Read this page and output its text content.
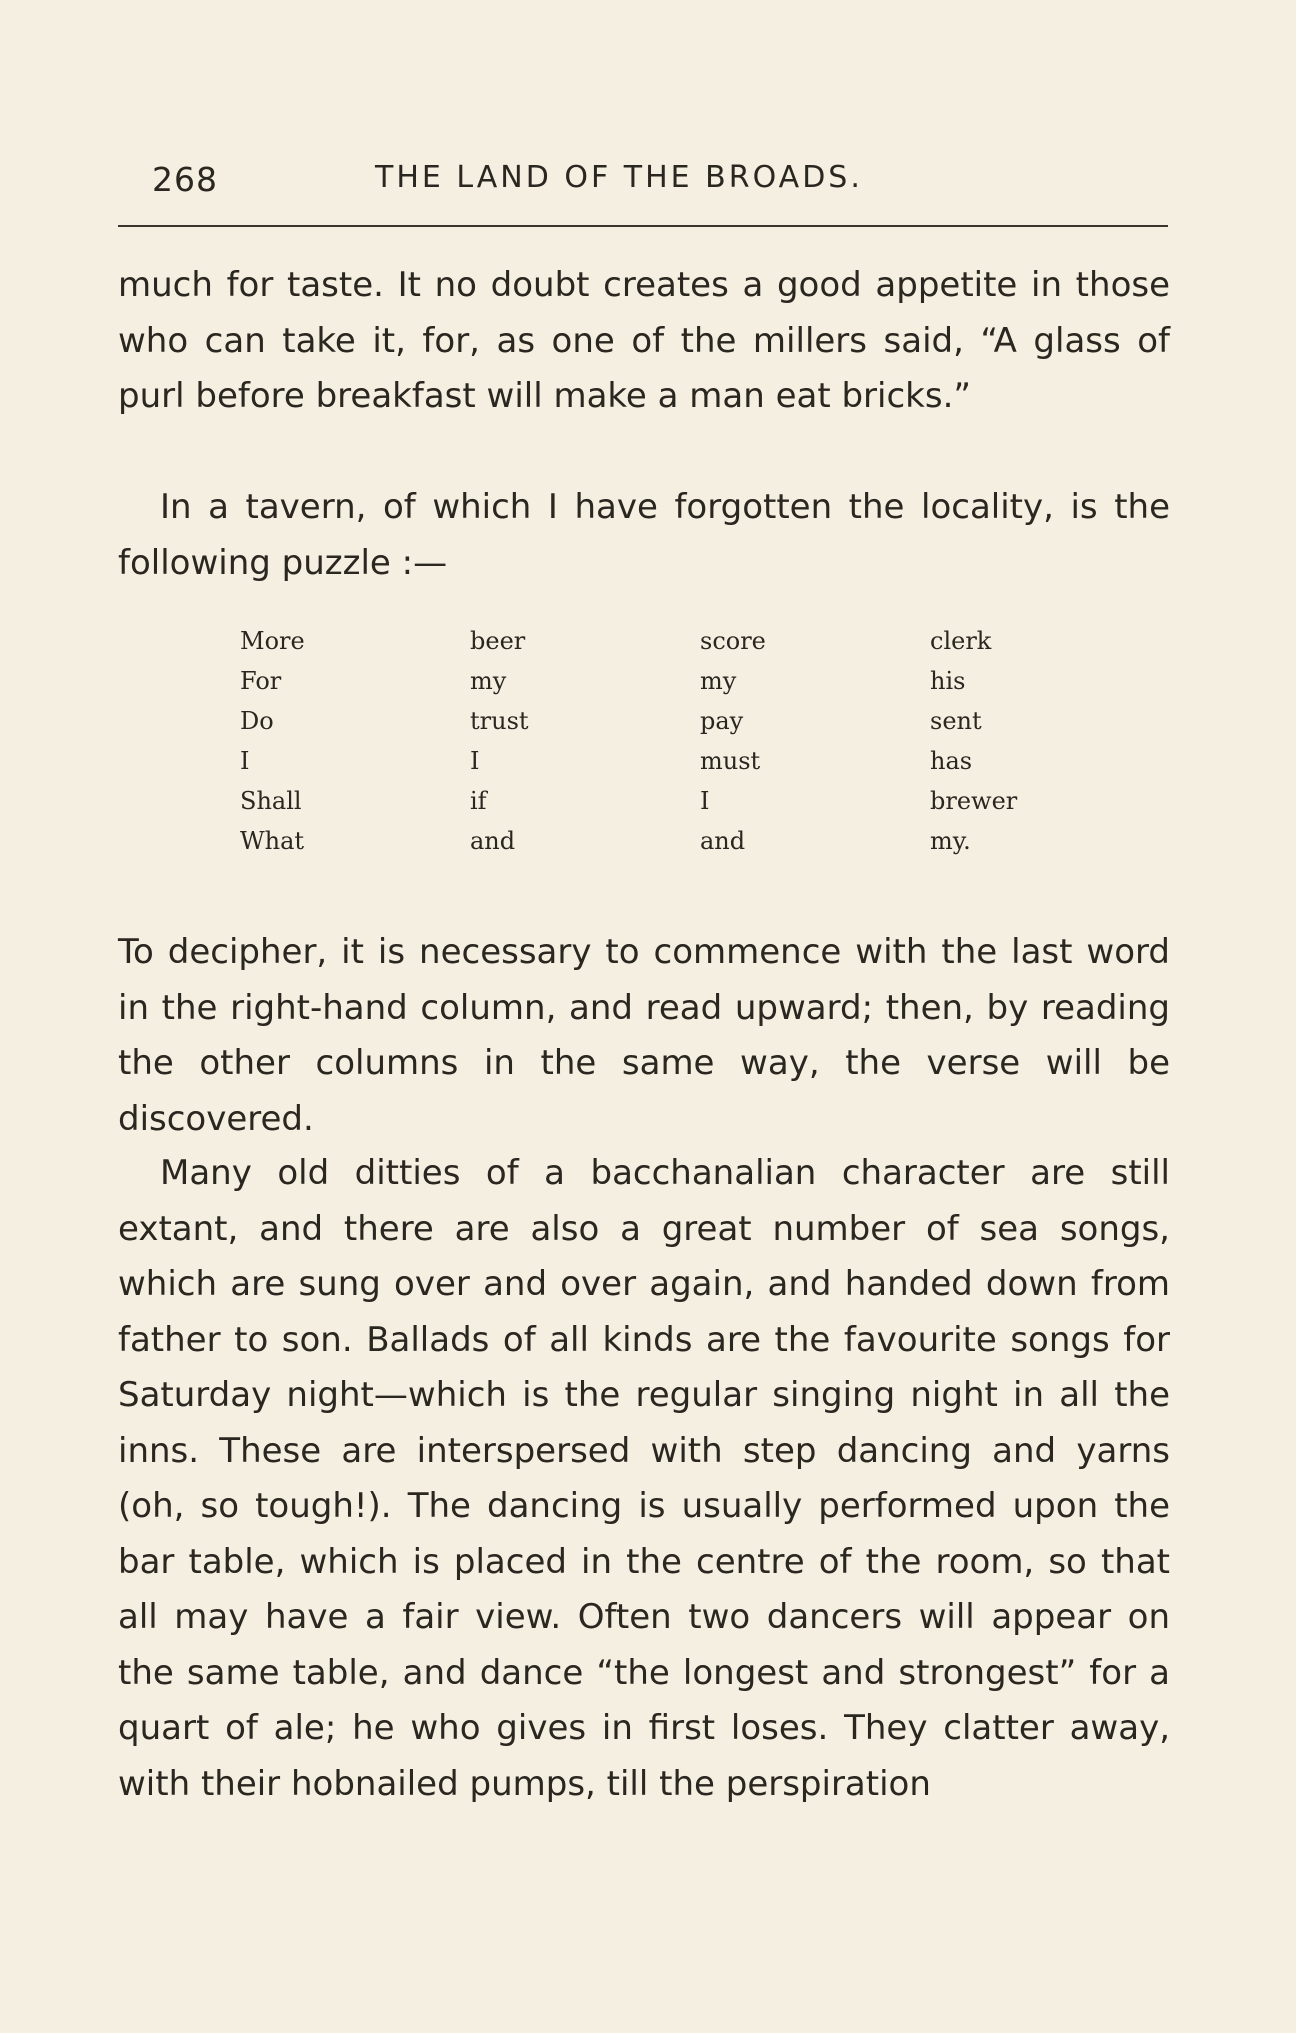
268	THE LAND OF THE BROADS.

much for taste. It no doubt creates a good appetite in those who can take it, for, as one of the millers said, “A glass of purl before breakfast will make a man eat bricks.”

In a tavern, of which I have forgotten the locality, is the following puzzle :—

More	beer	score	clerk
For	my	my	his
Do	trust	pay	sent
I	I	must	has
Shall	if	I	brewer
What	and	and	my.

To decipher, it is necessary to commence with the last word in the right-hand column, and read upward; then, by reading the other columns in the same way, the verse will be discovered.

Many old ditties of a bacchanalian character are still extant, and there are also a great number of sea songs, which are sung over and over again, and handed down from father to son. Ballads of all kinds are the favourite songs for Saturday night—which is the regular singing night in all the inns. These are interspersed with step dancing and yarns (oh, so tough!). The dancing is usually performed upon the bar table, which is placed in the centre of the room, so that all may have a fair view. Often two dancers will appear on the same table, and dance “the longest and strongest” for a quart of ale; he who gives in first loses. They clatter away, with their hobnailed pumps, till the perspiration
